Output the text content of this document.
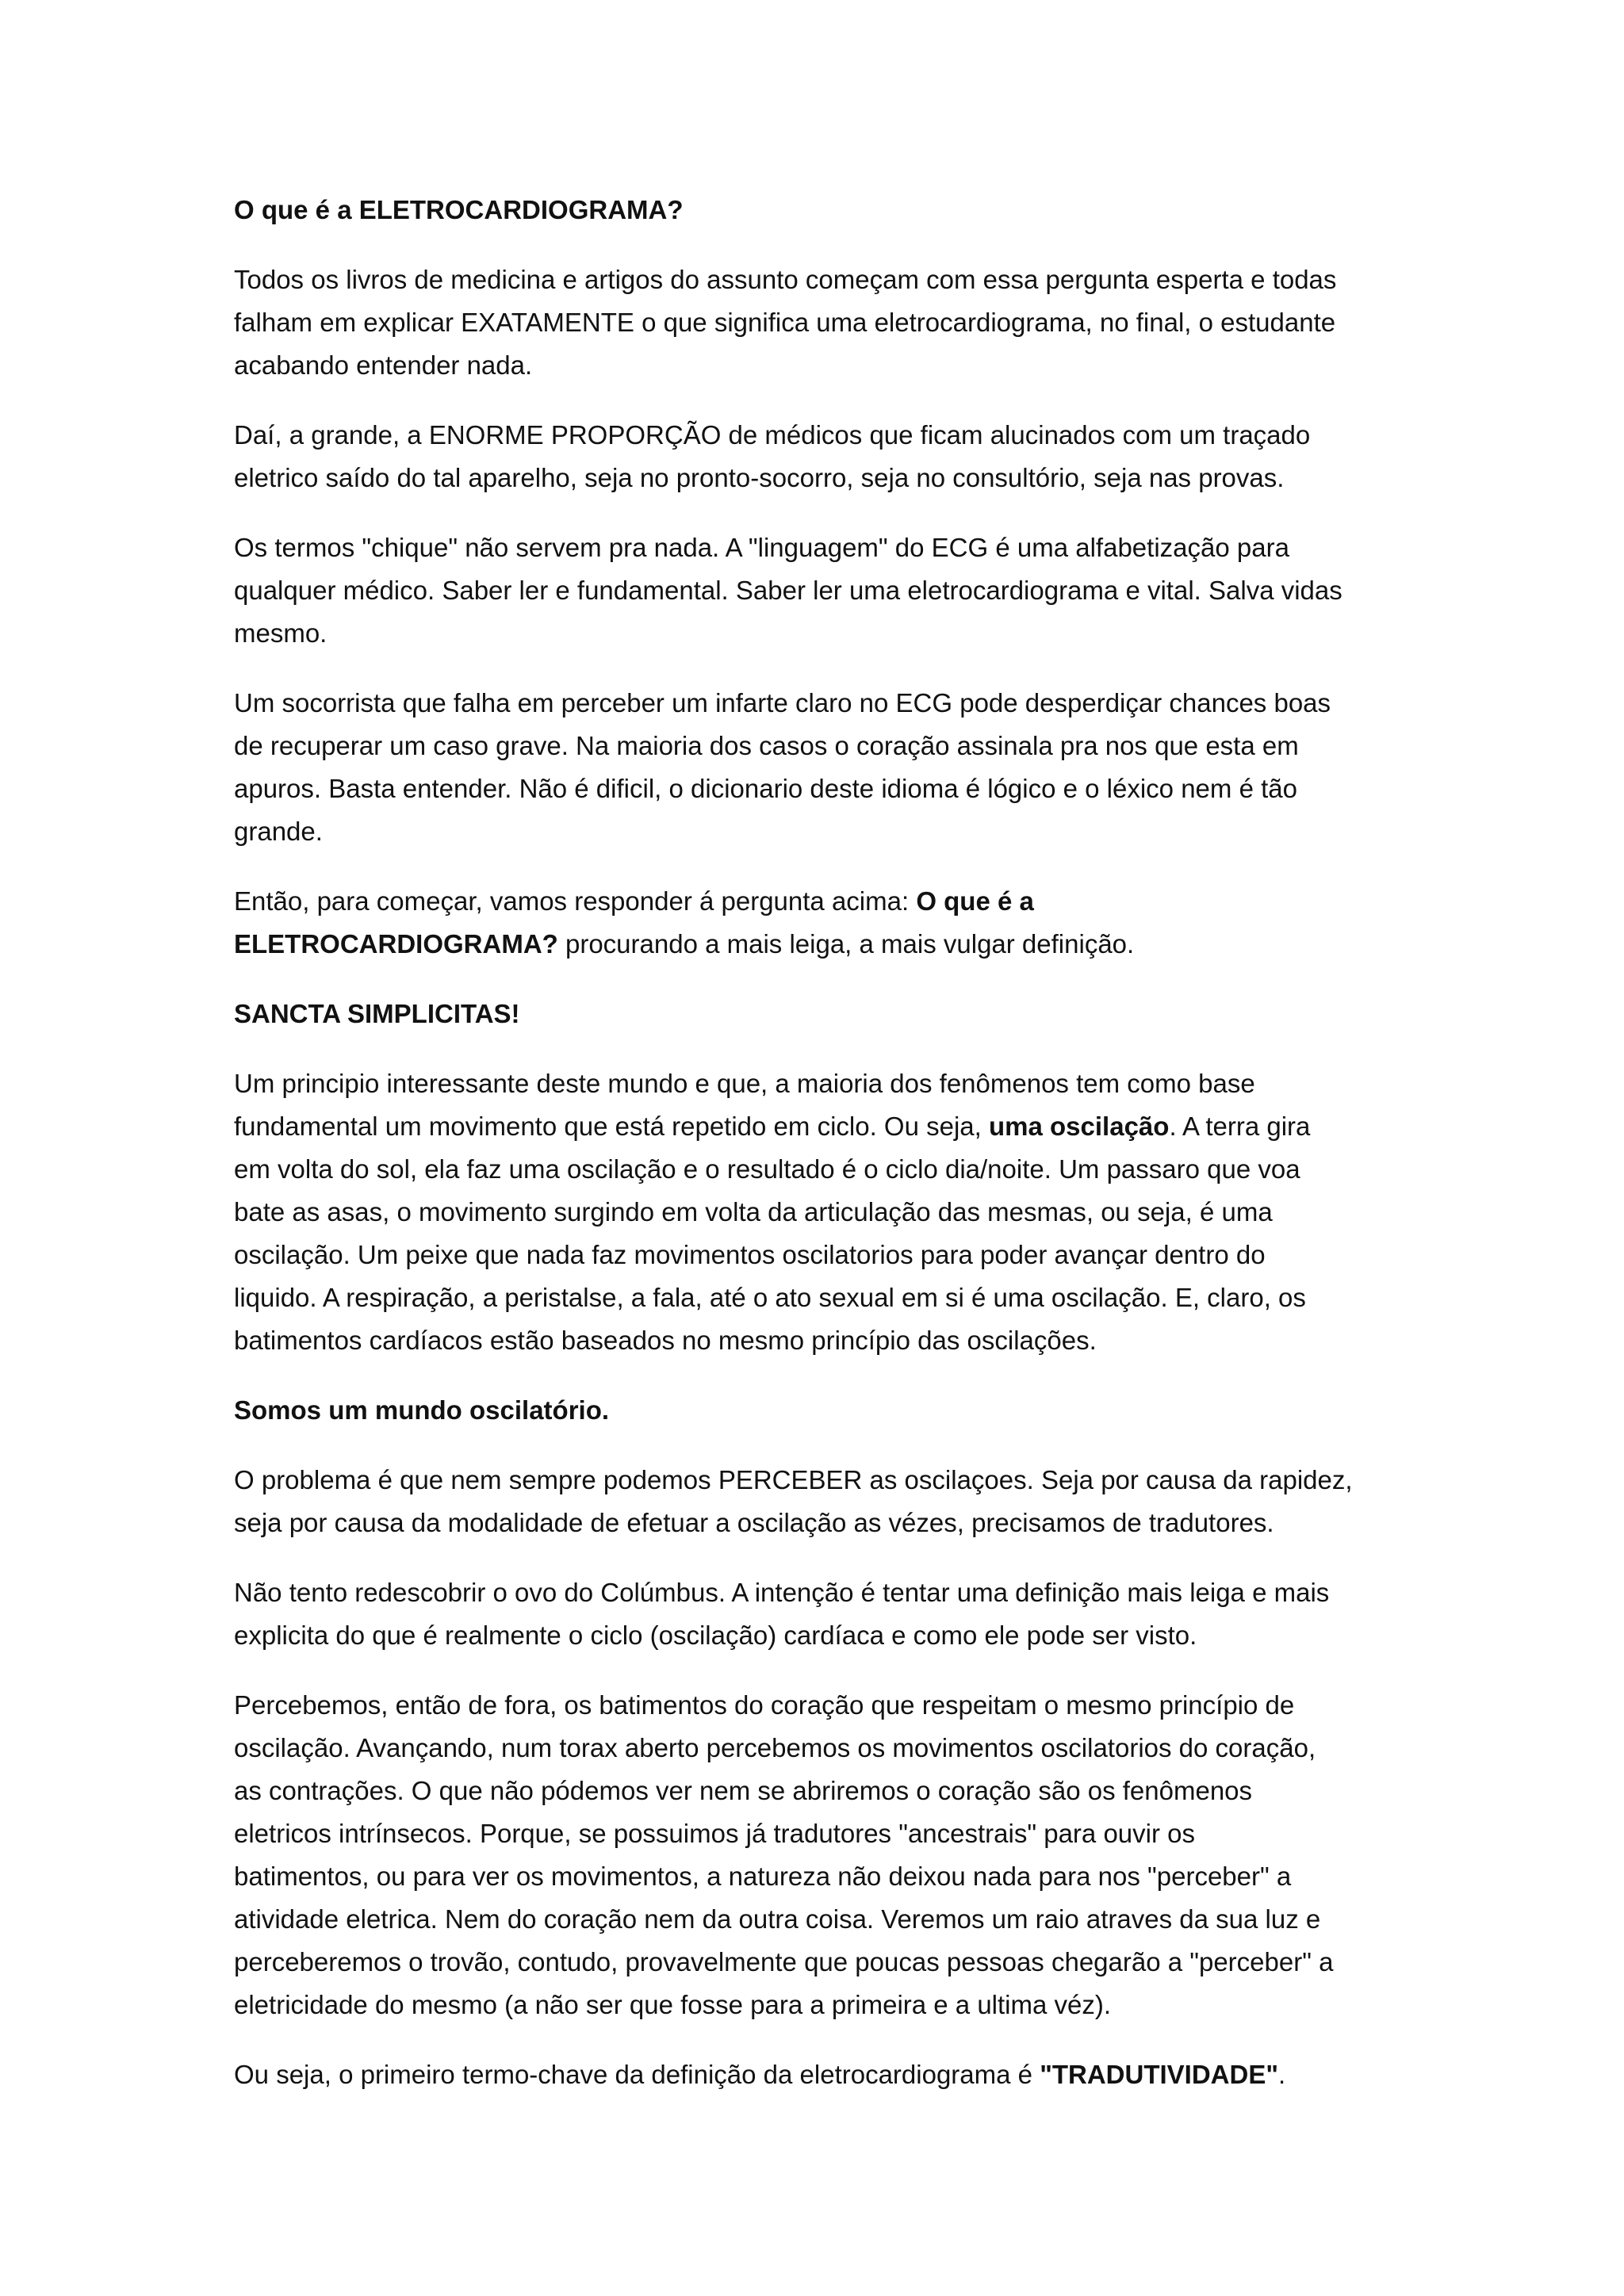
O que é a ELETROCARDIOGRAMA?

Todos os livros de medicina e artigos do assunto começam com essa pergunta esperta e todas
falham em explicar EXATAMENTE o que significa uma eletrocardiograma, no final, o estudante
acabando entender nada.

Daí, a grande, a ENORME PROPORÇÃO de médicos que ficam alucinados com um traçado
eletrico saído do tal aparelho, seja no pronto-socorro, seja no consultório, seja nas provas.

Os termos "chique" não servem pra nada. A "linguagem" do ECG é uma alfabetização para
qualquer médico. Saber ler e fundamental. Saber ler uma eletrocardiograma e vital. Salva vidas
mesmo.

Um socorrista que falha em perceber um infarte claro no ECG pode desperdiçar chances boas
de recuperar um caso grave. Na maioria dos casos o coração assinala pra nos que esta em
apuros. Basta entender. Não é dificil, o dicionario deste idioma é lógico e o léxico nem é tão
grande.

Então, para começar, vamos responder á pergunta acima: O que é a
ELETROCARDIOGRAMA? procurando a mais leiga, a mais vulgar definição.

SANCTA SIMPLICITAS!

Um principio interessante deste mundo e que, a maioria dos fenômenos tem como base
fundamental um movimento que está repetido em ciclo. Ou seja, uma oscilação. A terra gira
em volta do sol, ela faz uma oscilação e o resultado é o ciclo dia/noite. Um passaro que voa
bate as asas, o movimento surgindo em volta da articulação das mesmas, ou seja, é uma
oscilação. Um peixe que nada faz movimentos oscilatorios para poder avançar dentro do
liquido. A respiração, a peristalse, a fala, até o ato sexual em si é uma oscilação. E, claro, os
batimentos cardíacos estão baseados no mesmo princípio das oscilações.

Somos um mundo oscilatório.

O problema é que nem sempre podemos PERCEBER as oscilaçoes. Seja por causa da rapidez,
seja por causa da modalidade de efetuar a oscilação as vézes, precisamos de tradutores.

Não tento redescobrir o ovo do Colúmbus. A intenção é tentar uma definição mais leiga e mais
explicita do que é realmente o ciclo (oscilação) cardíaca e como ele pode ser visto.

Percebemos, então de fora, os batimentos do coração que respeitam o mesmo princípio de
oscilação. Avançando, num torax aberto percebemos os movimentos oscilatorios do coração,
as contrações. O que não pódemos ver nem se abriremos o coração são os fenômenos
eletricos intrínsecos. Porque, se possuimos já tradutores "ancestrais" para ouvir os
batimentos, ou para ver os movimentos, a natureza não deixou nada para nos "perceber" a
atividade eletrica. Nem do coração nem da outra coisa. Veremos um raio atraves da sua luz e
perceberemos o trovão, contudo, provavelmente que poucas pessoas chegarão a "perceber" a
eletricidade do mesmo (a não ser que fosse para a primeira e a ultima véz).

Ou seja, o primeiro termo-chave da definição da eletrocardiograma é "TRADUTIVIDADE".
